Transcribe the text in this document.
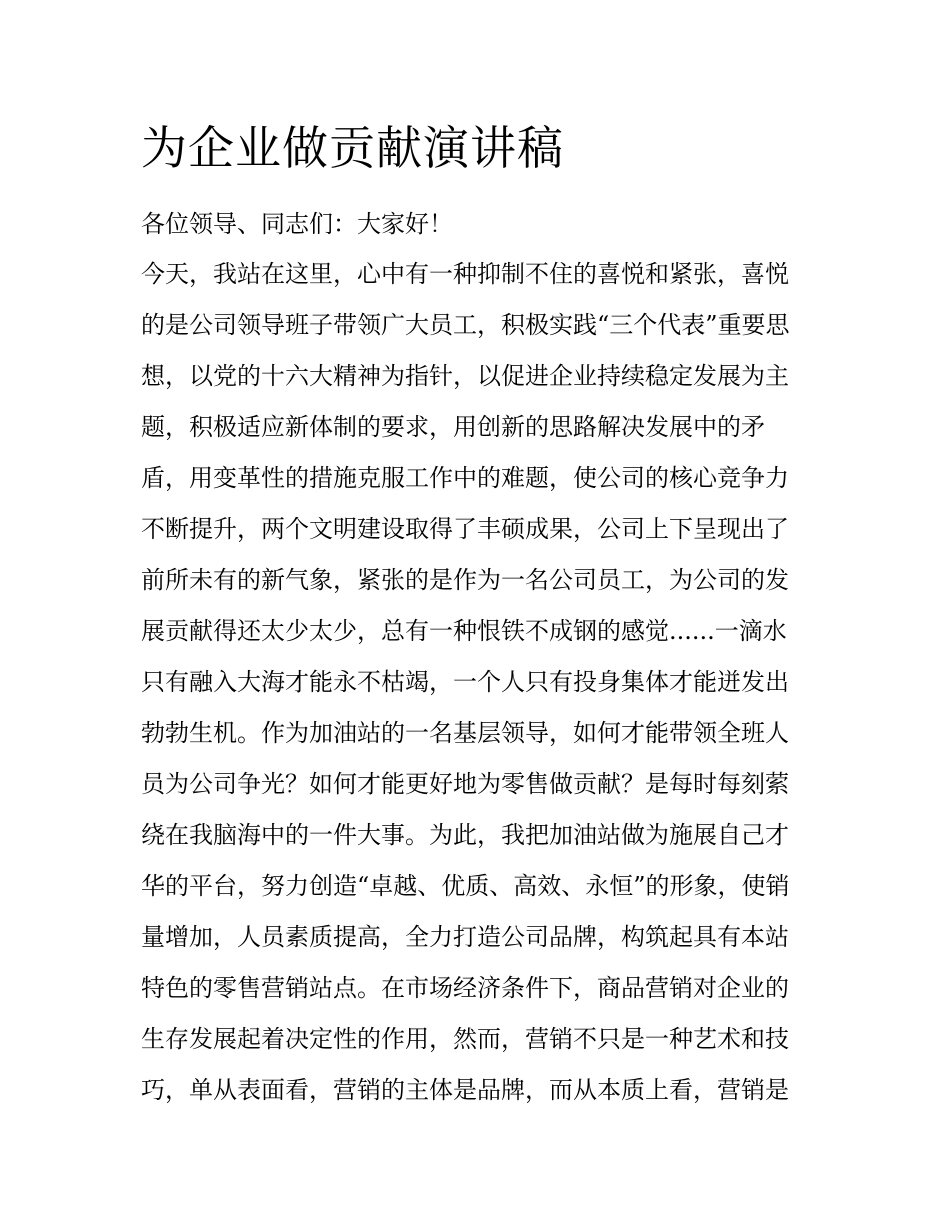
为企业做贡献演讲稿

各位领导、同志们：大家好！

今天，我站在这里，心中有一种抑制不住的喜悦和紧张，喜悦
的是公司领导班子带领广大员工，积极实践“三个代表”重要思
想，以党的十六大精神为指针，以促进企业持续稳定发展为主
题，积极适应新体制的要求，用创新的思路解决发展中的矛
盾，用变革性的措施克服工作中的难题，使公司的核心竞争力
不断提升，两个文明建设取得了丰硕成果，公司上下呈现出了
前所未有的新气象，紧张的是作为一名公司员工，为公司的发
展贡献得还太少太少，总有一种恨铁不成钢的感觉......一滴水
只有融入大海才能永不枯竭，一个人只有投身集体才能迸发出
勃勃生机。作为加油站的一名基层领导，如何才能带领全班人
员为公司争光？如何才能更好地为零售做贡献？是每时每刻萦
绕在我脑海中的一件大事。为此，我把加油站做为施展自己才
华的平台，努力创造“卓越、优质、高效、永恒”的形象，使销
量增加，人员素质提高，全力打造公司品牌，构筑起具有本站
特色的零售营销站点。在市场经济条件下，商品营销对企业的
生存发展起着决定性的作用，然而，营销不只是一种艺术和技
巧，单从表面看，营销的主体是品牌，而从本质上看，营销是
